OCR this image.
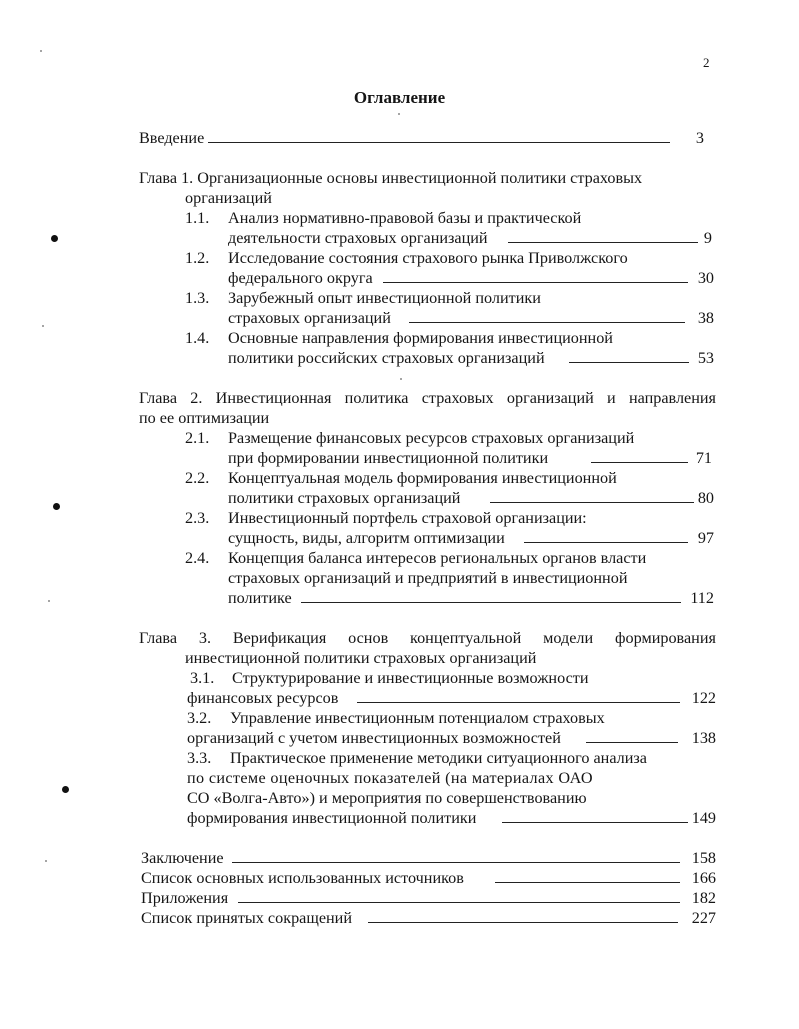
2
Оглавление
Введение	3
Глава 1. Организационные основы инвестиционной политики страховых
организаций
1.1. Анализ нормативно-правовой базы и практической
деятельности страховых организаций	9
1.2. Исследование состояния страхового рынка Приволжского
федерального округа	30
1.3. Зарубежный опыт инвестиционной политики
страховых организаций	38
1.4. Основные направления формирования инвестиционной
политики российских страховых организаций	53
Глава 2. Инвестиционная политика страховых организаций и направления
по ее оптимизации
2.1. Размещение финансовых ресурсов страховых организаций
при формировании инвестиционной политики	71
2.2. Концептуальная модель формирования инвестиционной
политики страховых организаций	80
2.3. Инвестиционный портфель страховой организации:
сущность, виды, алгоритм оптимизации	97
2.4. Концепция баланса интересов региональных органов власти
страховых организаций и предприятий в инвестиционной
политике	112
Глава 3. Верификация основ концептуальной модели формирования
инвестиционной политики страховых организаций
3.1. Структурирование и инвестиционные возможности
финансовых ресурсов	122
3.2. Управление инвестиционным потенциалом страховых
организаций с учетом инвестиционных возможностей	138
3.3. Практическое применение методики ситуационного анализа
по системе оценочных показателей (на материалах ОАО
СО «Волга-Авто») и мероприятия по совершенствованию
формирования инвестиционной политики	149
Заключение	158
Список основных использованных источников	166
Приложения	182
Список принятых сокращений	227
